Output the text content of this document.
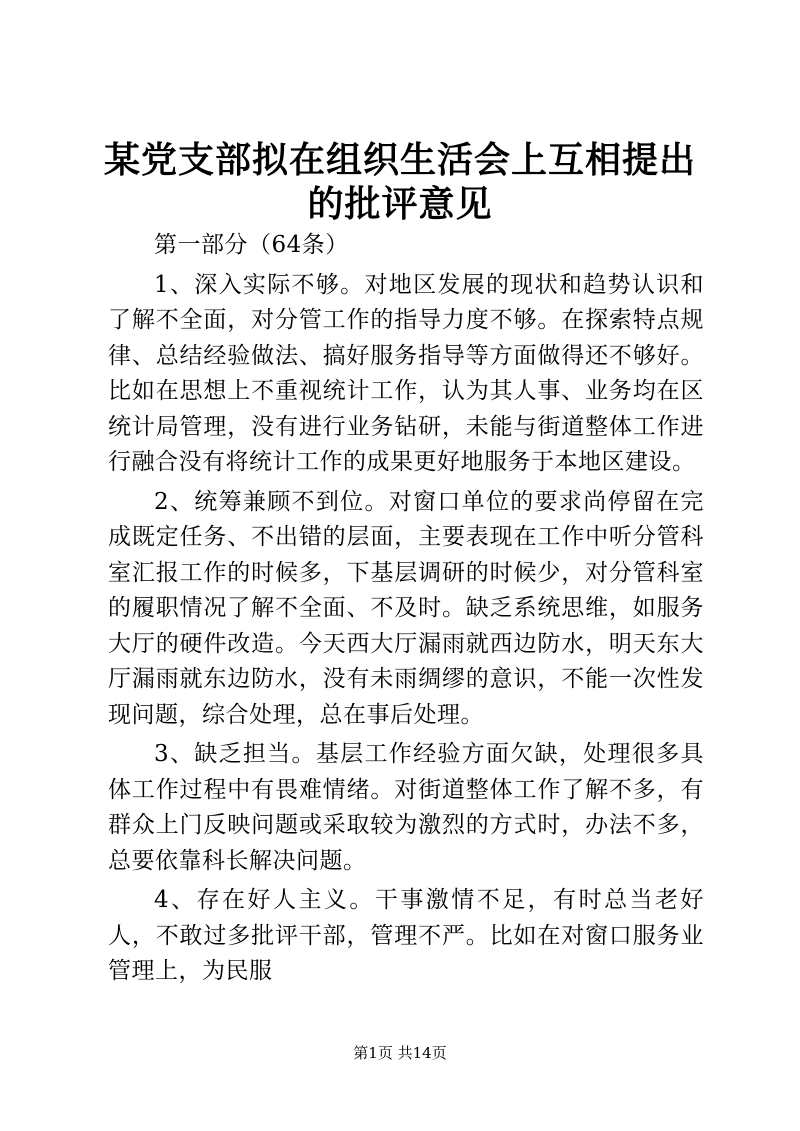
某党支部拟在组织生活会上互相提出的批评意见

第一部分（64条）

1、深入实际不够。对地区发展的现状和趋势认识和了解不全面，对分管工作的指导力度不够。在探索特点规律、总结经验做法、搞好服务指导等方面做得还不够好。比如在思想上不重视统计工作，认为其人事、业务均在区统计局管理，没有进行业务钻研，未能与街道整体工作进行融合没有将统计工作的成果更好地服务于本地区建设。

2、统筹兼顾不到位。对窗口单位的要求尚停留在完成既定任务、不出错的层面，主要表现在工作中听分管科室汇报工作的时候多，下基层调研的时候少，对分管科室的履职情况了解不全面、不及时。缺乏系统思维，如服务大厅的硬件改造。今天西大厅漏雨就西边防水，明天东大厅漏雨就东边防水，没有未雨绸缪的意识，不能一次性发现问题，综合处理，总在事后处理。

3、缺乏担当。基层工作经验方面欠缺，处理很多具体工作过程中有畏难情绪。对街道整体工作了解不多，有群众上门反映问题或采取较为激烈的方式时，办法不多，总要依靠科长解决问题。

4、存在好人主义。干事激情不足，有时总当老好人，不敢过多批评干部，管理不严。比如在对窗口服务业管理上，为民服

第1页 共14页
